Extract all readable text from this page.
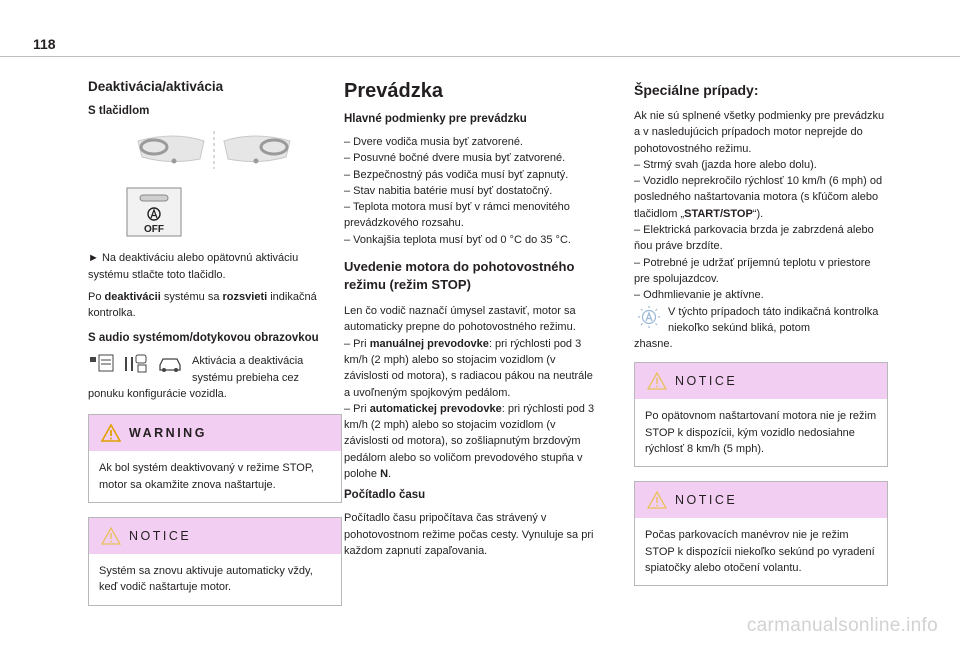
118
Deaktivácia/aktivácia
S tlačidlom
OFF

► Na deaktiváciu alebo opätovnú aktiváciu systému stlačte toto tlačidlo.

Po deaktivácii systému sa rozsvieti indikačná kontrolka.

S audio systémom/dotykovou obrazovkou
Aktivácia a deaktivácia systému prebieha cez

ponuku konfigurácie vozidla.

WARNING
Ak bol systém deaktivovaný v režime STOP, motor sa okamžite znova naštartuje.
NOTICE
Systém sa znovu aktivuje automaticky vždy, keď vodič naštartuje motor.
Prevádzka
Hlavné podmienky pre prevádzku

– Dvere vodiča musia byť zatvorené.

– Posuvné bočné dvere musia byť zatvorené.

– Bezpečnostný pás vodiča musí byť zapnutý.

– Stav nabitia batérie musí byť dostatočný.

– Teplota motora musí byť v rámci menovitého prevádzkového rozsahu.

– Vonkajšia teplota musí byť od 0 °C do 35 °C.

Uvedenie motora do pohotovostného režimu (režim STOP)

Len čo vodič naznačí úmysel zastaviť, motor sa automaticky prepne do pohotovostného režimu.

– Pri manuálnej prevodovke: pri rýchlosti pod 3 km/h (2 mph) alebo so stojacim vozidlom (v závislosti od motora), s radiacou pákou na neutrále a uvoľneným spojkovým pedálom.

– Pri automatickej prevodovke: pri rýchlosti pod 3 km/h (2 mph) alebo so stojacim vozidlom (v závislosti od motora), so zošliapnutým brzdovým pedálom alebo so voličom prevodového stupňa v polohe N.

Počítadlo času

Počítadlo času pripočítava čas strávený v pohotovostnom režime počas cesty. Vynuluje sa pri každom zapnutí zapaľovania.

Špeciálne prípady:

Ak nie sú splnené všetky podmienky pre prevádzku a v nasledujúcich prípadoch motor neprejde do pohotovostného režimu.

– Strmý svah (jazda hore alebo dolu).

– Vozidlo neprekročilo rýchlosť 10 km/h (6 mph) od posledného naštartovania motora (s kľúčom alebo tlačidlom „START/STOP“).

– Elektrická parkovacia brzda je zabrzdená alebo ňou práve brzdíte.

– Potrebné je udržať príjemnú teplotu v priestore pre spolujazdcov.

– Odhmlievanie je aktívne.

V týchto prípadoch táto indikačná kontrolka niekoľko sekúnd bliká, potom

zhasne.

NOTICE
Po opätovnom naštartovaní motora nie je režim STOP k dispozícii, kým vozidlo nedosiahne rýchlosť 8 km/h (5 mph).
NOTICE
Počas parkovacích manévrov nie je režim STOP k dispozícii niekoľko sekúnd po vyradení spiatočky alebo otočení volantu.
carmanualsonline.info
